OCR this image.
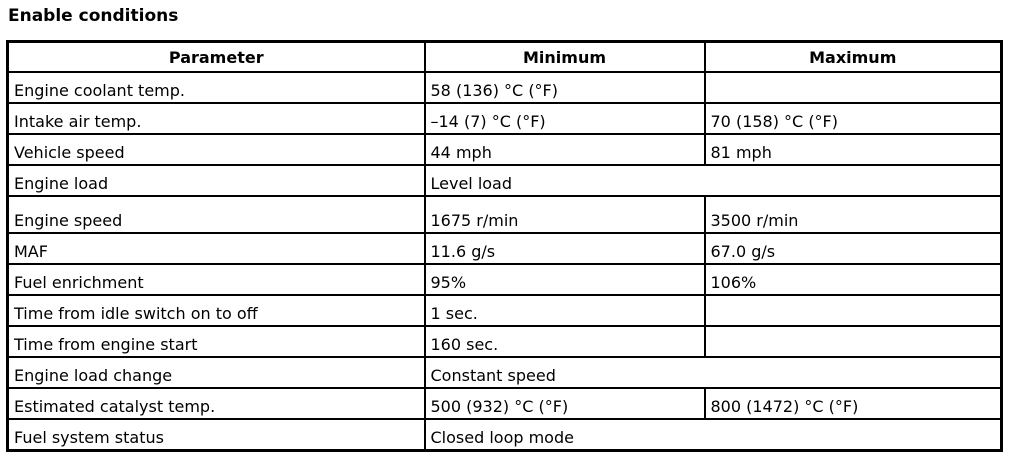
Enable conditions
Parameter	Minimum	Maximum
Engine coolant temp.	58 (136) °C (°F)	
Intake air temp.	–14 (7) °C (°F)	70 (158) °C (°F)
Vehicle speed	44 mph	81 mph
Engine load	Level load	
Engine speed	1675 r/min	3500 r/min
MAF	11.6 g/s	67.0 g/s
Fuel enrichment	95%	106%
Time from idle switch on to off	1 sec.	
Time from engine start	160 sec.	
Engine load change	Constant speed	
Estimated catalyst temp.	500 (932) °C (°F)	800 (1472) °C (°F)
Fuel system status	Closed loop mode	
